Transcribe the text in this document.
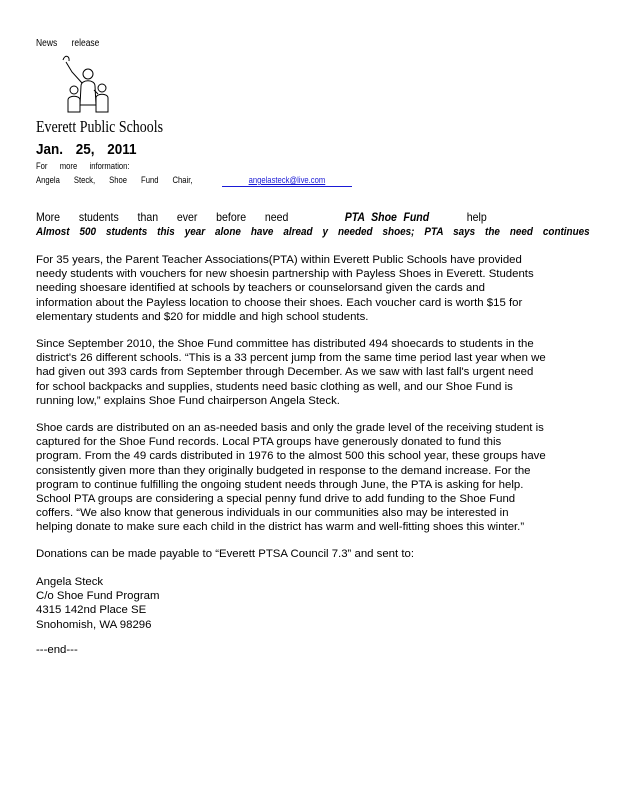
News release
Everett Public Schools
Jan. 25, 2011
For more information:
Angela Steck, Shoe Fund Chair,	angelasteck@live.com
More students than ever before need	PTA Shoe Fund	help
Almost 500 students this year alone have alread y needed shoes; PTA says the need continues
For 35 years, the Parent Teacher Associations(PTA) within Everett Public Schools have provided
needy students with vouchers for new shoesin partnership with Payless Shoes in Everett. Students
needing shoesare identified at schools by teachers or counselorsand given the cards and
information about the Payless location to choose their shoes. Each voucher card is worth $15 for
elementary students and $20 for middle and high school students.
Since September 2010, the Shoe Fund committee has distributed 494 shoecards to students in the
district's 26 different schools. “This is a 33 percent jump from the same time period last year when we
had given out 393 cards from September through December. As we saw with last fall's urgent need
for school backpacks and supplies, students need basic clothing as well, and our Shoe Fund is
running low,” explains Shoe Fund chairperson Angela Steck.
Shoe cards are distributed on an as-needed basis and only the grade level of the receiving student is
captured for the Shoe Fund records. Local PTA groups have generously donated to fund this
program. From the 49 cards distributed in 1976 to the almost 500 this school year, these groups have
consistently given more than they originally budgeted in response to the demand increase. For the
program to continue fulfilling the ongoing student needs through June, the PTA is asking for help.
School PTA groups are considering a special penny fund drive to add funding to the Shoe Fund
coffers. “We also know that generous individuals in our communities also may be interested in
helping donate to make sure each child in the district has warm and well-fitting shoes this winter.”
Donations can be made payable to “Everett PTSA Council 7.3” and sent to:
Angela Steck
C/o Shoe Fund Program
4315 142nd Place SE
Snohomish, WA 98296
---end---
